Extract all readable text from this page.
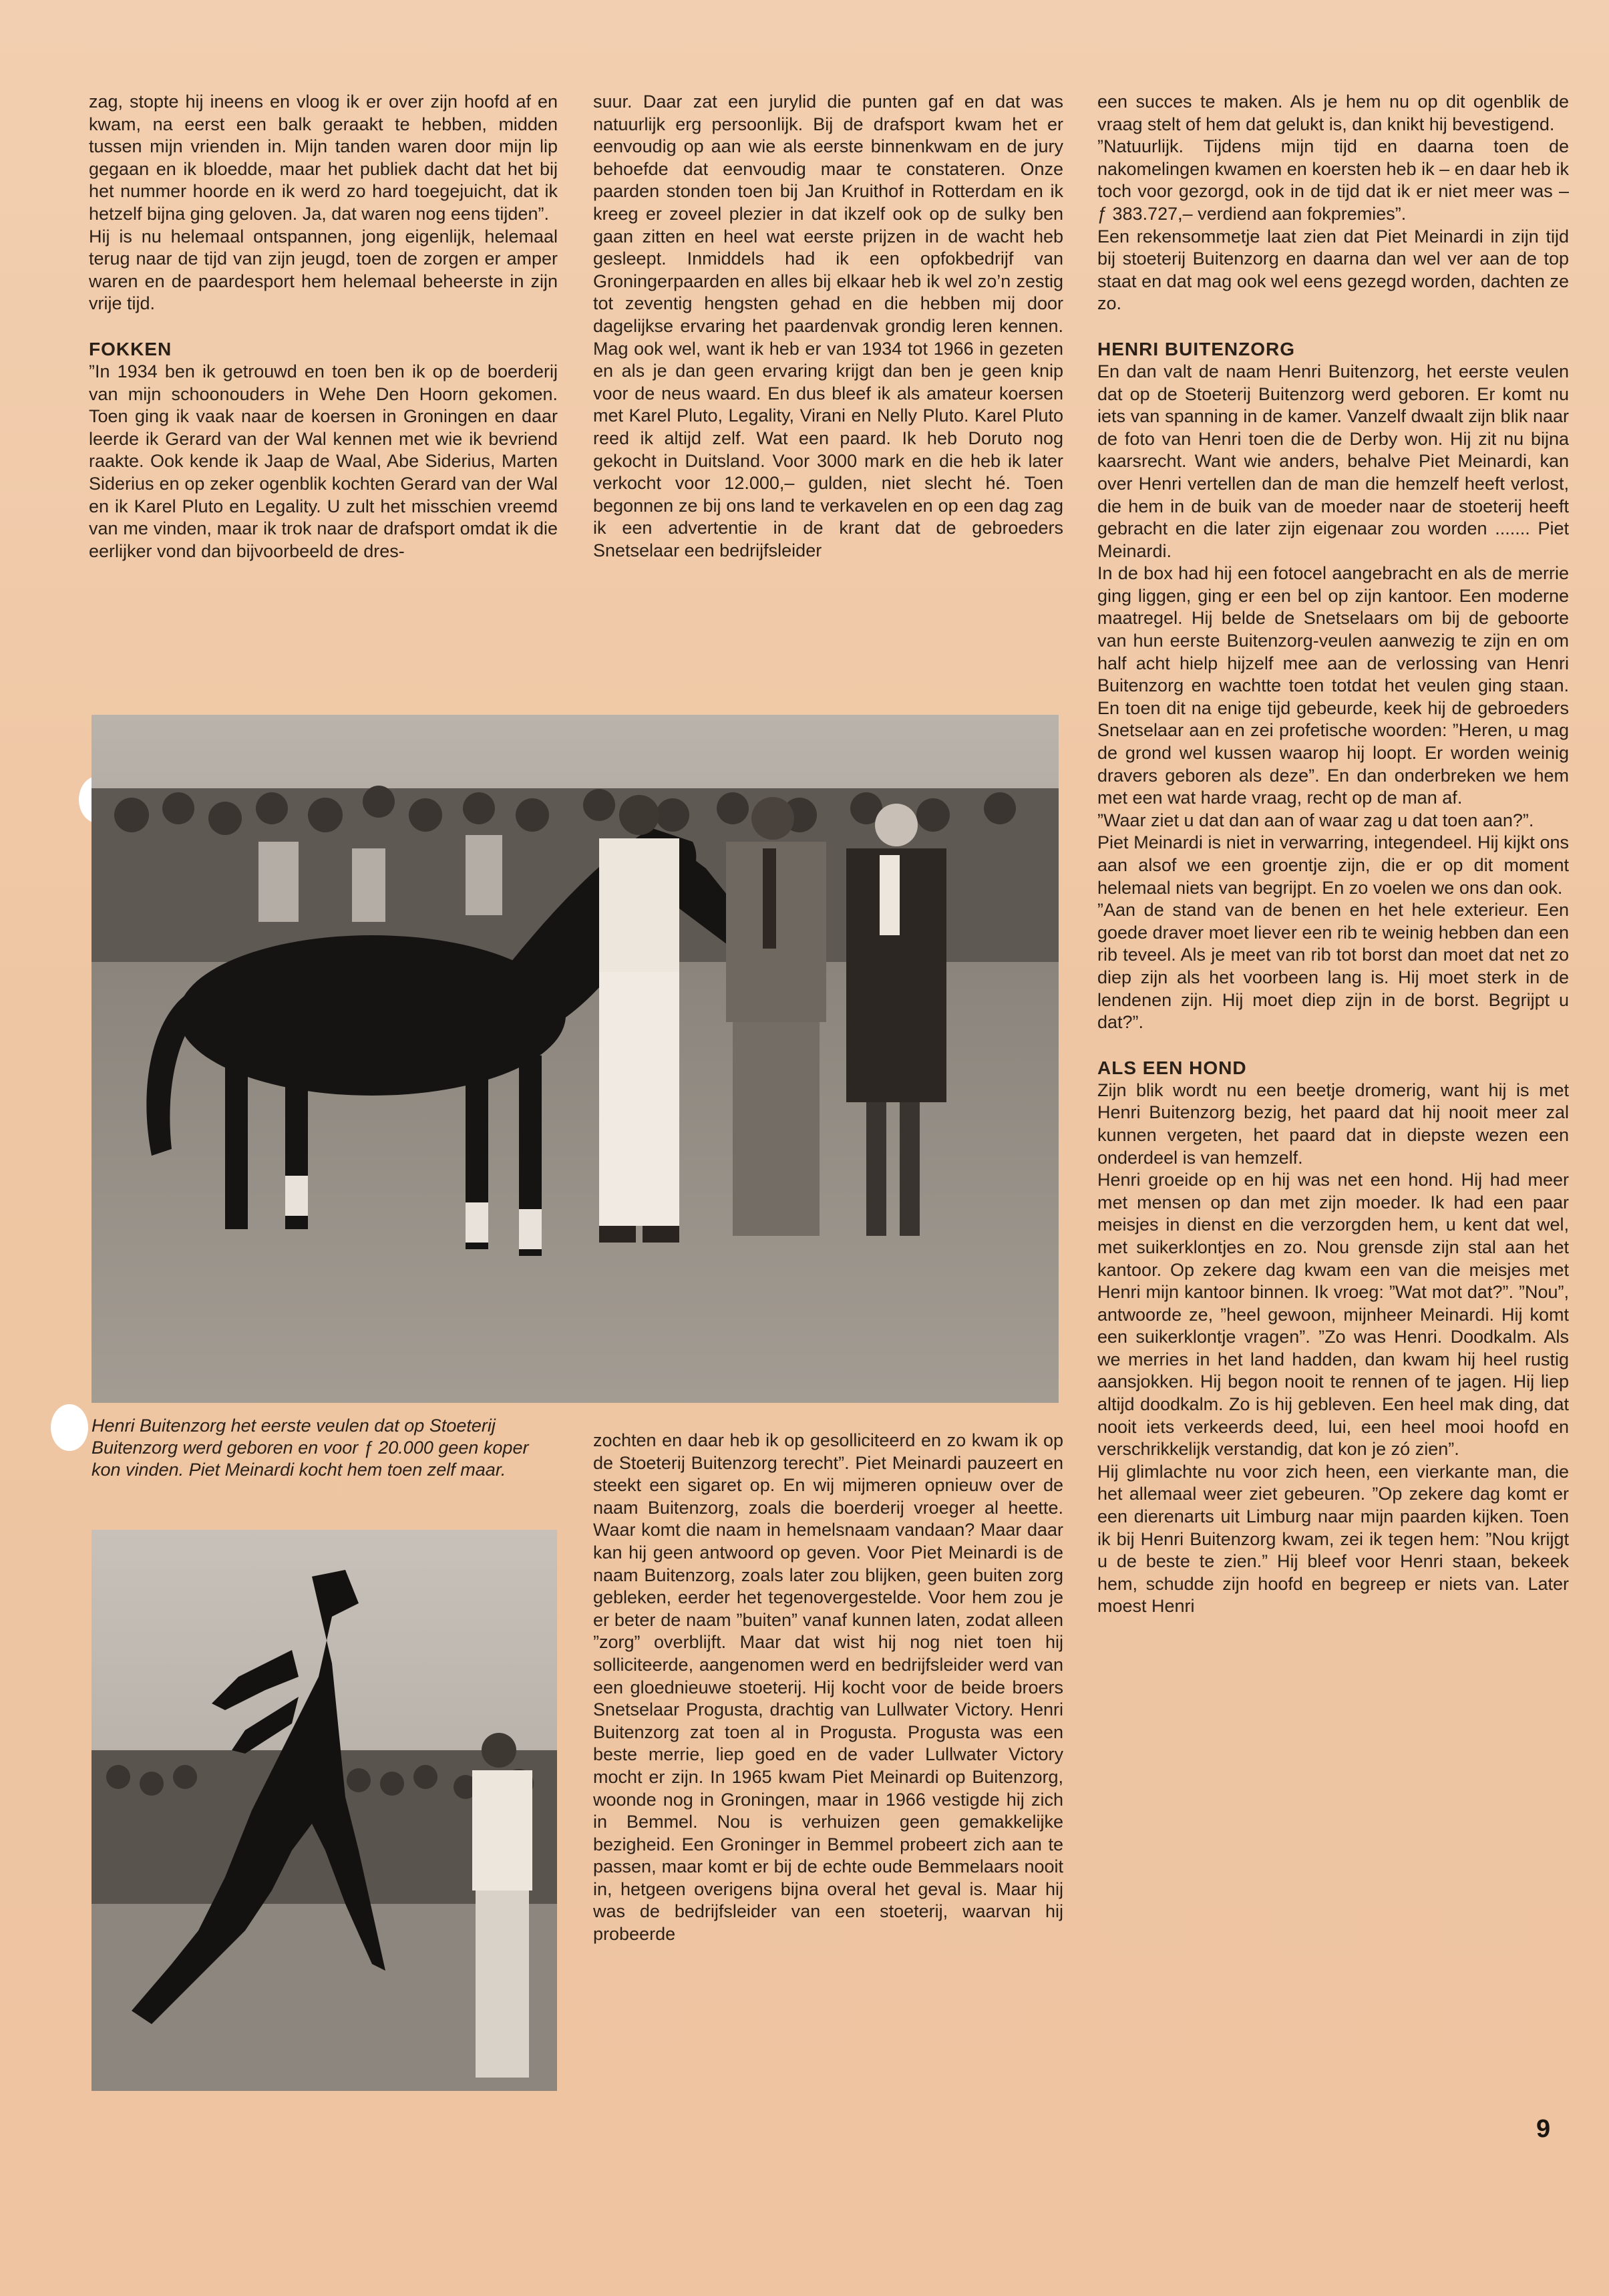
zag, stopte hij ineens en vloog ik er over zijn hoofd af en kwam, na eerst een balk geraakt te hebben, midden tussen mijn vrienden in. Mijn tanden waren door mijn lip gegaan en ik bloedde, maar het publiek dacht dat het bij het nummer hoorde en ik werd zo hard toegejuicht, dat ik hetzelf bijna ging geloven. Ja, dat waren nog eens tijden”.

Hij is nu helemaal ontspannen, jong eigenlijk, helemaal terug naar de tijd van zijn jeugd, toen de zorgen er amper waren en de paardesport hem helemaal beheerste in zijn vrije tijd.

FOKKEN

”In 1934 ben ik getrouwd en toen ben ik op de boerderij van mijn schoonouders in Wehe Den Hoorn gekomen. Toen ging ik vaak naar de koersen in Groningen en daar leerde ik Gerard van der Wal kennen met wie ik bevriend raakte. Ook kende ik Jaap de Waal, Abe Siderius, Marten Siderius en op zeker ogenblik kochten Gerard van der Wal en ik Karel Pluto en Legality. U zult het misschien vreemd van me vinden, maar ik trok naar de drafsport omdat ik die eerlijker vond dan bijvoorbeeld de dres-

suur. Daar zat een jurylid die punten gaf en dat was natuurlijk erg persoonlijk. Bij de drafsport kwam het er eenvoudig op aan wie als eerste binnenkwam en de jury behoefde dat eenvoudig maar te constateren. Onze paarden stonden toen bij Jan Kruithof in Rotterdam en ik kreeg er zoveel plezier in dat ikzelf ook op de sulky ben gaan zitten en heel wat eerste prijzen in de wacht heb gesleept. Inmiddels had ik een opfokbedrijf van Groningerpaarden en alles bij elkaar heb ik wel zo’n zestig tot zeventig hengsten gehad en die hebben mij door dagelijkse ervaring het paardenvak grondig leren kennen. Mag ook wel, want ik heb er van 1934 tot 1966 in gezeten en als je dan geen ervaring krijgt dan ben je geen knip voor de neus waard. En dus bleef ik als amateur koersen met Karel Pluto, Legality, Virani en Nelly Pluto. Karel Pluto reed ik altijd zelf. Wat een paard. Ik heb Doruto nog gekocht in Duitsland. Voor 3000 mark en die heb ik later verkocht voor 12.000,– gulden, niet slecht hé. Toen begonnen ze bij ons land te verkavelen en op een dag zag ik een advertentie in de krant dat de gebroeders Snetselaar een bedrijfsleider

een succes te maken. Als je hem nu op dit ogenblik de vraag stelt of hem dat gelukt is, dan knikt hij bevestigend.

”Natuurlijk. Tijdens mijn tijd en daarna toen de nakomelingen kwamen en koersten heb ik – en daar heb ik toch voor gezorgd, ook in de tijd dat ik er niet meer was – ƒ 383.727,– verdiend aan fokpremies”.

Een rekensommetje laat zien dat Piet Meinardi in zijn tijd bij stoeterij Buitenzorg en daarna dan wel ver aan de top staat en dat mag ook wel eens gezegd worden, dachten ze zo.

HENRI BUITENZORG

En dan valt de naam Henri Buitenzorg, het eerste veulen dat op de Stoeterij Buitenzorg werd geboren. Er komt nu iets van spanning in de kamer. Vanzelf dwaalt zijn blik naar de foto van Henri toen die de Derby won. Hij zit nu bijna kaarsrecht. Want wie anders, behalve Piet Meinardi, kan over Henri vertellen dan de man die hemzelf heeft verlost, die hem in de buik van de moeder naar de stoeterij heeft gebracht en die later zijn eigenaar zou worden ....... Piet Meinardi.

In de box had hij een fotocel aangebracht en als de merrie ging liggen, ging er een bel op zijn kantoor. Een moderne maatregel. Hij belde de Snetselaars om bij de geboorte van hun eerste Buitenzorg-veulen aanwezig te zijn en om half acht hielp hijzelf mee aan de verlossing van Henri Buitenzorg en wachtte toen totdat het veulen ging staan. En toen dit na enige tijd gebeurde, keek hij de gebroeders Snetselaar aan en zei profetische woorden: ”Heren, u mag de grond wel kussen waarop hij loopt. Er worden weinig dravers geboren als deze”. En dan onderbreken we hem met een wat harde vraag, recht op de man af.

”Waar ziet u dat dan aan of waar zag u dat toen aan?”.

Piet Meinardi is niet in verwarring, integendeel. Hij kijkt ons aan alsof we een groentje zijn, die er op dit moment helemaal niets van begrijpt. En zo voelen we ons dan ook.

”Aan de stand van de benen en het hele exterieur. Een goede draver moet liever een rib te weinig hebben dan een rib teveel. Als je meet van rib tot borst dan moet dat net zo diep zijn als het voorbeen lang is. Hij moet sterk in de lendenen zijn. Hij moet diep zijn in de borst. Begrijpt u dat?”.

ALS EEN HOND

Zijn blik wordt nu een beetje dromerig, want hij is met Henri Buitenzorg bezig, het paard dat hij nooit meer zal kunnen vergeten, het paard dat in diepste wezen een onderdeel is van hemzelf.

Henri groeide op en hij was net een hond. Hij had meer met mensen op dan met zijn moeder. Ik had een paar meisjes in dienst en die verzorgden hem, u kent dat wel, met suikerklontjes en zo. Nou grensde zijn stal aan het kantoor. Op zekere dag kwam een van die meisjes met Henri mijn kantoor binnen. Ik vroeg: ”Wat mot dat?”. ”Nou”, antwoorde ze, ”heel gewoon, mijnheer Meinardi. Hij komt een suikerklontje vragen”. ”Zo was Henri. Doodkalm. Als we merries in het land hadden, dan kwam hij heel rustig aansjokken. Hij begon nooit te rennen of te jagen. Hij liep altijd doodkalm. Zo is hij gebleven. Een heel mak ding, dat nooit iets verkeerds deed, lui, een heel mooi hoofd en verschrikkelijk verstandig, dat kon je zó zien”.

Hij glimlachte nu voor zich heen, een vierkante man, die het allemaal weer ziet gebeuren. ”Op zekere dag komt er een dierenarts uit Limburg naar mijn paarden kijken. Toen ik bij Henri Buitenzorg kwam, zei ik tegen hem: ”Nou krijgt u de beste te zien.” Hij bleef voor Henri staan, bekeek hem, schudde zijn hoofd en begreep er niets van. Later moest Henri

Henri Buitenzorg het eerste veulen dat op Stoeterij Buitenzorg werd geboren en voor ƒ 20.000 geen koper kon vinden. Piet Meinardi kocht hem toen zelf maar.

zochten en daar heb ik op gesolliciteerd en zo kwam ik op de Stoeterij Buitenzorg terecht”. Piet Meinardi pauzeert en steekt een sigaret op. En wij mijmeren opnieuw over de naam Buitenzorg, zoals die boerderij vroeger al heette. Waar komt die naam in hemelsnaam vandaan? Maar daar kan hij geen antwoord op geven. Voor Piet Meinardi is de naam Buitenzorg, zoals later zou blijken, geen buiten zorg gebleken, eerder het tegenovergestelde. Voor hem zou je er beter de naam ”buiten” vanaf kunnen laten, zodat alleen ”zorg” overblijft. Maar dat wist hij nog niet toen hij solliciteerde, aangenomen werd en bedrijfsleider werd van een gloednieuwe stoeterij. Hij kocht voor de beide broers Snetselaar Progusta, drachtig van Lullwater Victory. Henri Buitenzorg zat toen al in Progusta. Progusta was een beste merrie, liep goed en de vader Lullwater Victory mocht er zijn. In 1965 kwam Piet Meinardi op Buitenzorg, woonde nog in Groningen, maar in 1966 vestigde hij zich in Bemmel. Nou is verhuizen geen gemakkelijke bezigheid. Een Groninger in Bemmel probeert zich aan te passen, maar komt er bij de echte oude Bemmelaars nooit in, hetgeen overigens bijna overal het geval is. Maar hij was de bedrijfsleider van een stoeterij, waarvan hij probeerde

9
